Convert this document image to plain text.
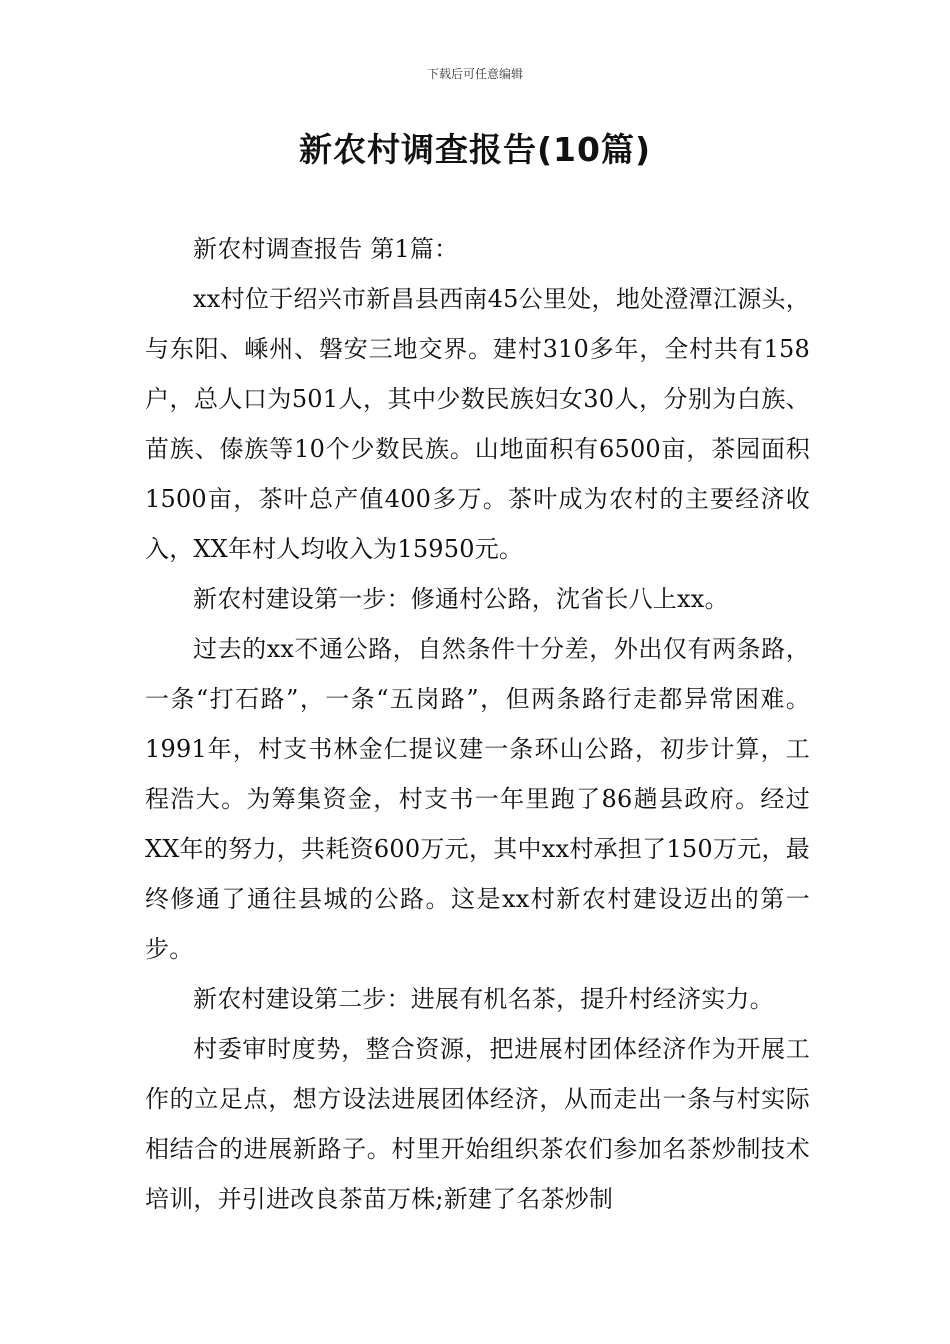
下载后可任意编辑
新农村调查报告(10篇)

新农村调查报告 第1篇：

xx村位于绍兴市新昌县西南45公里处，地处澄潭江源头，与东阳、嵊州、磐安三地交界。建村310多年，全村共有158户，总人口为501人，其中少数民族妇女30人，分别为白族、苗族、傣族等10个少数民族。山地面积有6500亩，茶园面积1500亩，茶叶总产值400多万。茶叶成为农村的主要经济收入，XX年村人均收入为15950元。

新农村建设第一步：修通村公路，沈省长八上xx。

过去的xx不通公路，自然条件十分差，外出仅有两条路，一条“打石路”，一条“五岗路”，但两条路行走都异常困难。1991年，村支书林金仁提议建一条环山公路，初步计算，工程浩大。为筹集资金，村支书一年里跑了86趟县政府。经过XX年的努力，共耗资600万元，其中xx村承担了150万元，最终修通了通往县城的公路。这是xx村新农村建设迈出的第一步。

新农村建设第二步：进展有机名茶，提升村经济实力。

村委审时度势，整合资源，把进展村团体经济作为开展工作的立足点，想方设法进展团体经济，从而走出一条与村实际相结合的进展新路子。村里开始组织茶农们参加名茶炒制技术培训，并引进改良茶苗万株;新建了名茶炒制
